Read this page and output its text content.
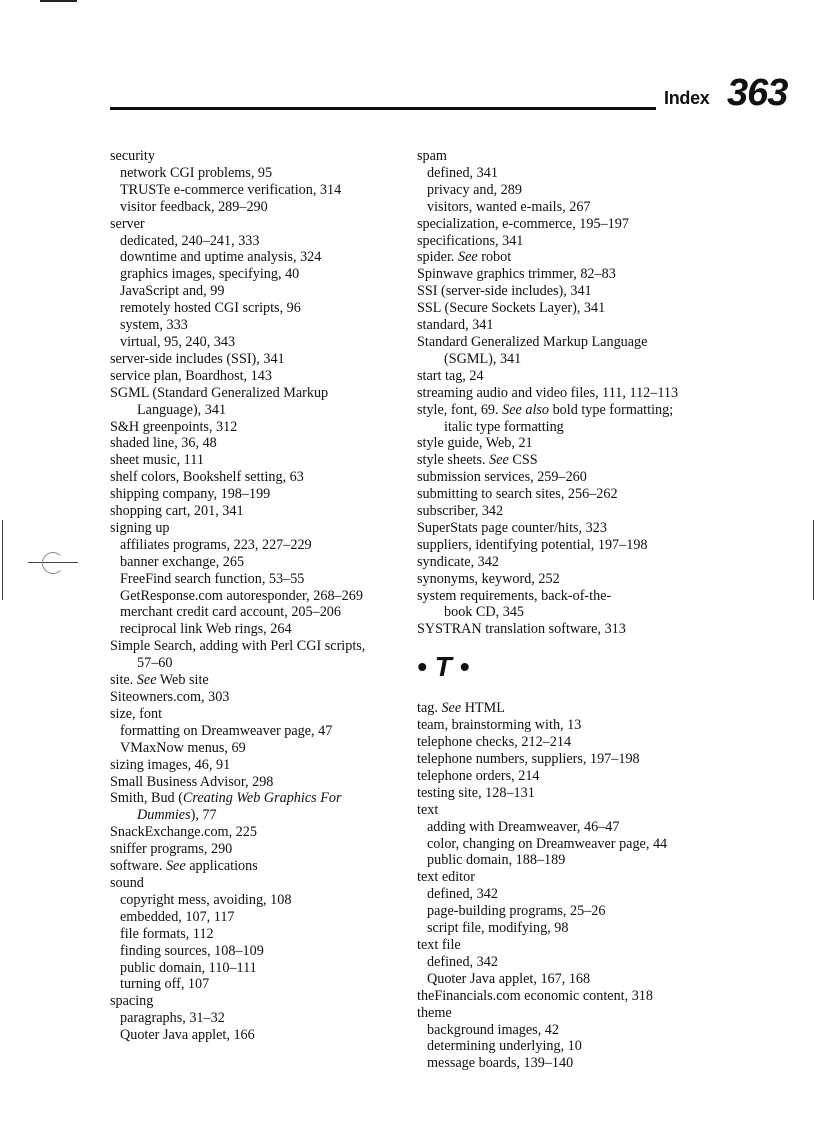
Index 363
security
network CGI problems, 95
TRUSTe e-commerce verification, 314
visitor feedback, 289–290
server
dedicated, 240–241, 333
downtime and uptime analysis, 324
graphics images, specifying, 40
JavaScript and, 99
remotely hosted CGI scripts, 96
system, 333
virtual, 95, 240, 343
server-side includes (SSI), 341
service plan, Boardhost, 143
SGML (Standard Generalized Markup
Language), 341
S&H greenpoints, 312
shaded line, 36, 48
sheet music, 111
shelf colors, Bookshelf setting, 63
shipping company, 198–199
shopping cart, 201, 341
signing up
affiliates programs, 223, 227–229
banner exchange, 265
FreeFind search function, 53–55
GetResponse.com autoresponder, 268–269
merchant credit card account, 205–206
reciprocal link Web rings, 264
Simple Search, adding with Perl CGI scripts,
57–60
site. See Web site
Siteowners.com, 303
size, font
formatting on Dreamweaver page, 47
VMaxNow menus, 69
sizing images, 46, 91
Small Business Advisor, 298
Smith, Bud (Creating Web Graphics For
Dummies), 77
SnackExchange.com, 225
sniffer programs, 290
software. See applications
sound
copyright mess, avoiding, 108
embedded, 107, 117
file formats, 112
finding sources, 108–109
public domain, 110–111
turning off, 107
spacing
paragraphs, 31–32
Quoter Java applet, 166
spam
defined, 341
privacy and, 289
visitors, wanted e-mails, 267
specialization, e-commerce, 195–197
specifications, 341
spider. See robot
Spinwave graphics trimmer, 82–83
SSI (server-side includes), 341
SSL (Secure Sockets Layer), 341
standard, 341
Standard Generalized Markup Language
(SGML), 341
start tag, 24
streaming audio and video files, 111, 112–113
style, font, 69. See also bold type formatting;
italic type formatting
style guide, Web, 21
style sheets. See CSS
submission services, 259–260
submitting to search sites, 256–262
subscriber, 342
SuperStats page counter/hits, 323
suppliers, identifying potential, 197–198
syndicate, 342
synonyms, keyword, 252
system requirements, back-of-the-
book CD, 345
SYSTRAN translation software, 313
• T •
tag. See HTML
team, brainstorming with, 13
telephone checks, 212–214
telephone numbers, suppliers, 197–198
telephone orders, 214
testing site, 128–131
text
adding with Dreamweaver, 46–47
color, changing on Dreamweaver page, 44
public domain, 188–189
text editor
defined, 342
page-building programs, 25–26
script file, modifying, 98
text file
defined, 342
Quoter Java applet, 167, 168
theFinancials.com economic content, 318
theme
background images, 42
determining underlying, 10
message boards, 139–140
